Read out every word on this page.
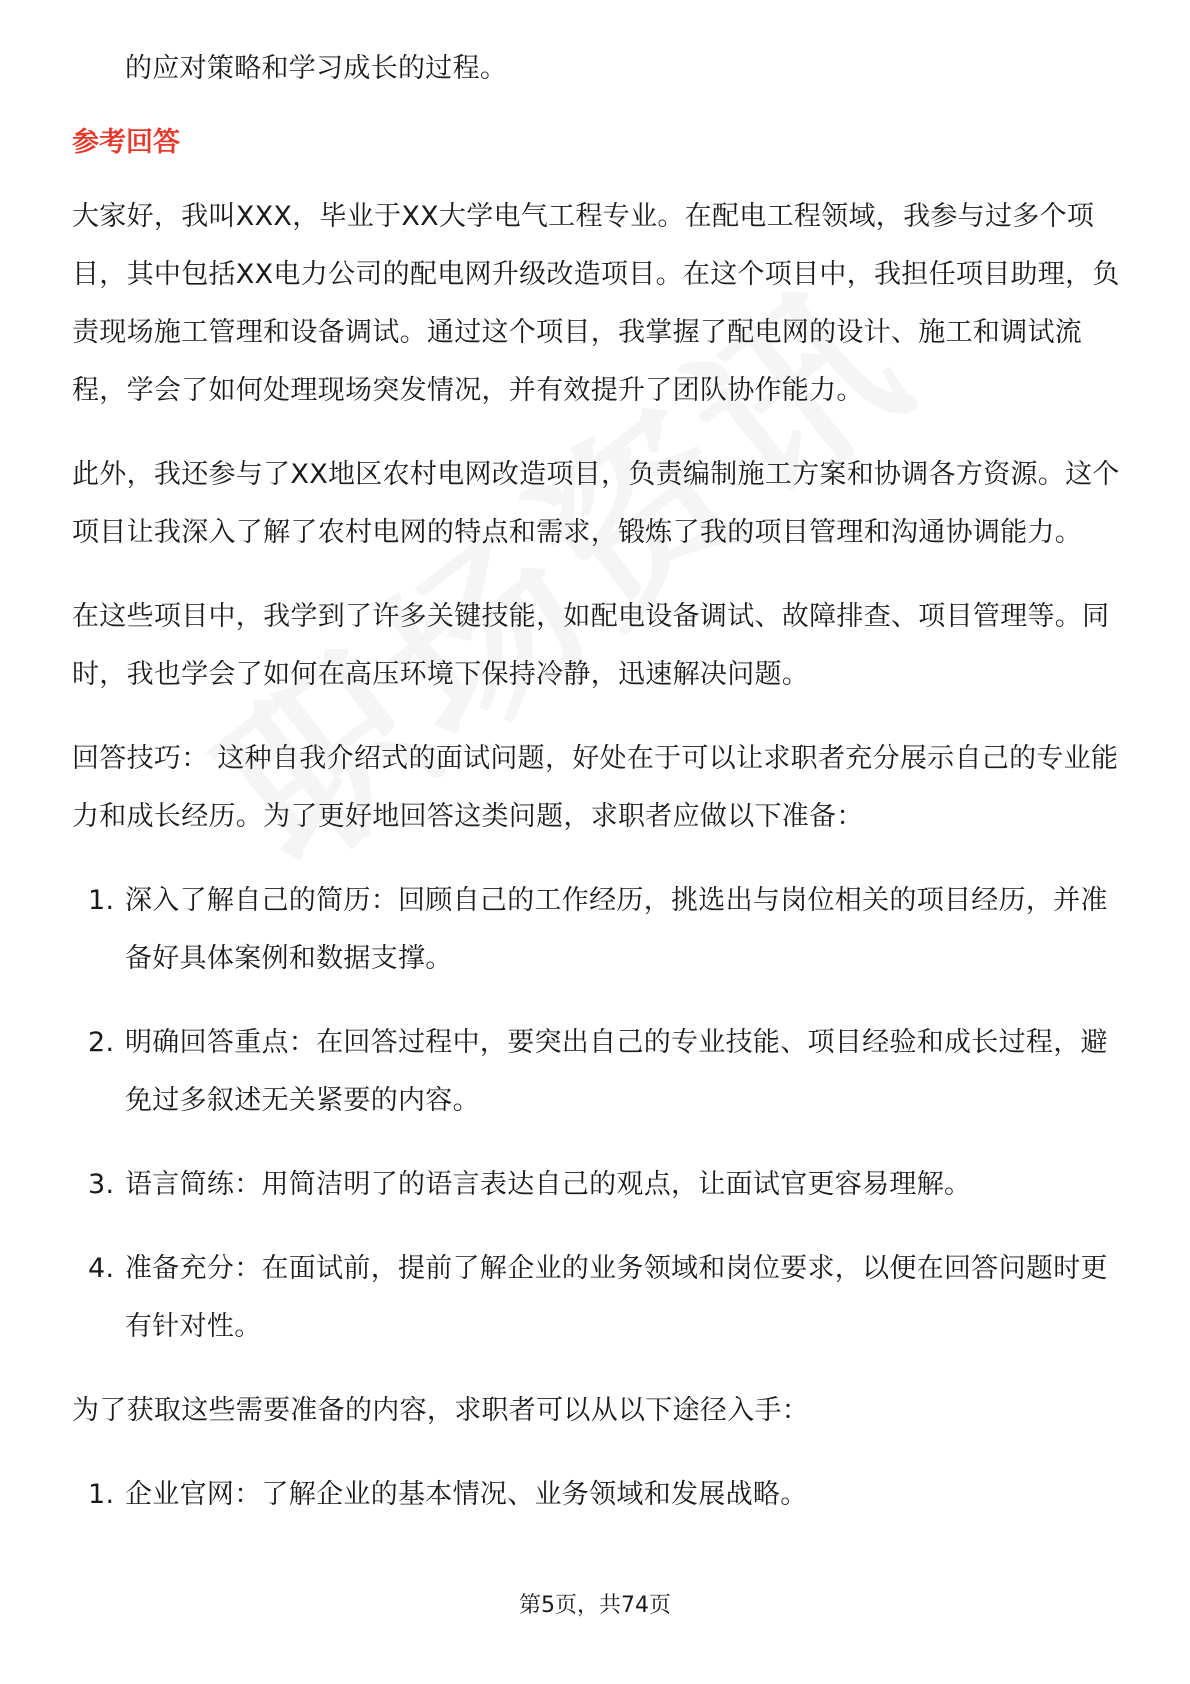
的应对策略和学习成长的过程。

参考回答

大家好，我叫XXX，毕业于XX大学电气工程专业。在配电工程领域，我参与过多个项目，其中包括XX电力公司的配电网升级改造项目。在这个项目中，我担任项目助理，负责现场施工管理和设备调试。通过这个项目，我掌握了配电网的设计、施工和调试流程，学会了如何处理现场突发情况，并有效提升了团队协作能力。

此外，我还参与了XX地区农村电网改造项目，负责编制施工方案和协调各方资源。这个项目让我深入了解了农村电网的特点和需求，锻炼了我的项目管理和沟通协调能力。

在这些项目中，我学到了许多关键技能，如配电设备调试、故障排查、项目管理等。同时，我也学会了如何在高压环境下保持冷静，迅速解决问题。

回答技巧： 这种自我介绍式的面试问题，好处在于可以让求职者充分展示自己的专业能力和成长经历。为了更好地回答这类问题，求职者应做以下准备：

1. 深入了解自己的简历：回顾自己的工作经历，挑选出与岗位相关的项目经历，并准备好具体案例和数据支撑。
2. 明确回答重点：在回答过程中，要突出自己的专业技能、项目经验和成长过程，避免过多叙述无关紧要的内容。
3. 语言简练：用简洁明了的语言表达自己的观点，让面试官更容易理解。
4. 准备充分：在面试前，提前了解企业的业务领域和岗位要求，以便在回答问题时更有针对性。

为了获取这些需要准备的内容，求职者可以从以下途径入手：

1. 企业官网：了解企业的基本情况、业务领域和发展战略。
第5页，共74页
